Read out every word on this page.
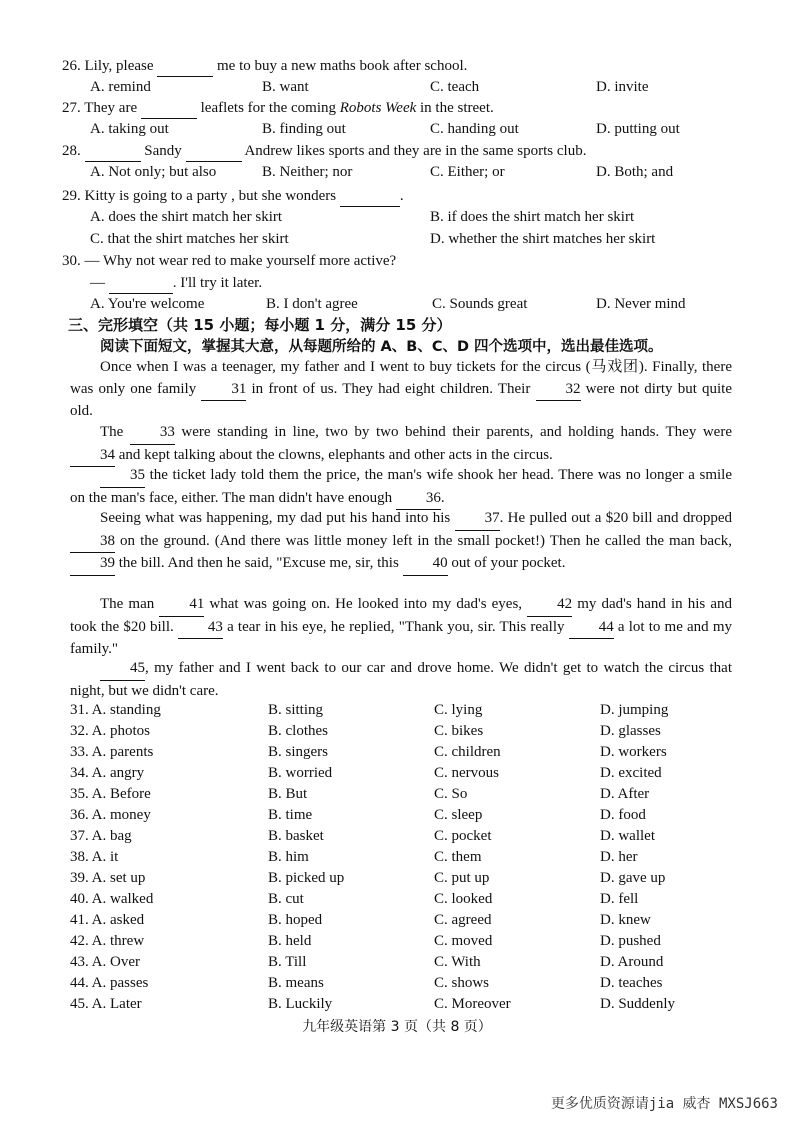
26. Lily, please	me to buy a new maths book after school.
A. remind	B. want	C. teach	D. invite
27. They are	leaflets for the coming Robots Week in the street.
A. taking out	B. finding out	C. handing out	D. putting out
28.	Sandy	Andrew likes sports and they are in the same sports club.
A. Not only; but also	B. Neither; nor	C. Either; or	D. Both; and
29. Kitty is going to a party , but she wonders	.
A. does the shirt match her skirt	B. if does the shirt match her skirt
C. that the shirt matches her skirt	D. whether the shirt matches her skirt
30. — Why not wear red to make yourself more active?
—	. I'll try it later.
A. You're welcome	B. I don't agree	C. Sounds great	D. Never mind
三、完形填空（共 15 小题；每小题 1 分，满分 15 分）
阅读下面短文，掌握其大意，从每题所给的 A、B、C、D 四个选项中，选出最佳选项。
Once when I was a teenager, my father and I went to buy tickets for the circus (马戏团). Finally, there was only one family 31 in front of us. They had eight children. Their 32 were not dirty but quite old.
The 33 were standing in line, two by two behind their parents, and holding hands. They were 34 and kept talking about the clowns, elephants and other acts in the circus.
35 the ticket lady told them the price, the man's wife shook her head. There was no longer a smile on the man's face, either. The man didn't have enough 36.
Seeing what was happening, my dad put his hand into his 37. He pulled out a $20 bill and dropped 38 on the ground. (And there was little money left in the small pocket!) Then he called the man back, 39 the bill. And then he said, "Excuse me, sir, this 40 out of your pocket.
The man 41 what was going on. He looked into my dad's eyes, 42 my dad's hand in his and took the $20 bill. 43 a tear in his eye, he replied, "Thank you, sir. This really 44 a lot to me and my family."
45, my father and I went back to our car and drove home. We didn't get to watch the circus that night, but we didn't care.
31. A. standing	B. sitting	C. lying	D. jumping
32. A. photos	B. clothes	C. bikes	D. glasses
33. A. parents	B. singers	C. children	D. workers
34. A. angry	B. worried	C. nervous	D. excited
35. A. Before	B. But	C. So	D. After
36. A. money	B. time	C. sleep	D. food
37. A. bag	B. basket	C. pocket	D. wallet
38. A. it	B. him	C. them	D. her
39. A. set up	B. picked up	C. put up	D. gave up
40. A. walked	B. cut	C. looked	D. fell
41. A. asked	B. hoped	C. agreed	D. knew
42. A. threw	B. held	C. moved	D. pushed
43. A. Over	B. Till	C. With	D. Around
44. A. passes	B. means	C. shows	D. teaches
45. A. Later	B. Luckily	C. Moreover	D. Suddenly
九年级英语第 3 页（共 8 页）
更多优质资源请jia 威杏 MXSJ663
